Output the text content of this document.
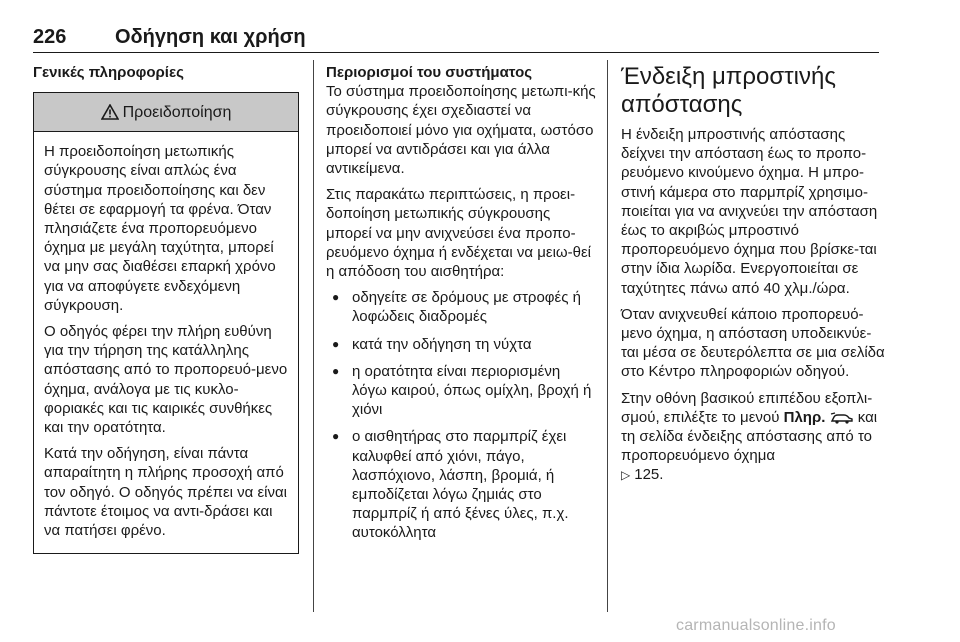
226 Οδήγηση και χρήση
Γενικές πληροφορίες
Προειδοποίηση

Η προειδοποίηση μετωπικής σύγκρουσης είναι απλώς ένα σύστημα προειδοποίησης και δεν θέτει σε εφαρμογή τα φρένα. Όταν πλησιάζετε ένα προπορευόμενο όχημα με μεγάλη ταχύτητα, μπορεί να μην σας διαθέσει επαρκή χρόνο για να αποφύγετε ενδεχόμενη σύγκρουση.

Ο οδηγός φέρει την πλήρη ευθύνη για την τήρηση της κατάλληλης απόστασης από το προπορευό-μενο όχημα, ανάλογα με τις κυκλο-φοριακές και τις καιρικές συνθήκες και την ορατότητα.

Κατά την οδήγηση, είναι πάντα απαραίτητη η πλήρης προσοχή από τον οδηγό. Ο οδηγός πρέπει να είναι πάντοτε έτοιμος να αντι-δράσει και να πατήσει φρένο.

Περιορισμοί του συστήματος

Το σύστημα προειδοποίησης μετωπι-κής σύγκρουσης έχει σχεδιαστεί να προειδοποιεί μόνο για οχήματα, ωστόσο μπορεί να αντιδράσει και για άλλα αντικείμενα.

Στις παρακάτω περιπτώσεις, η προει-δοποίηση μετωπικής σύγκρουσης μπορεί να μην ανιχνεύσει ένα προπο-ρευόμενο όχημα ή ενδέχεται να μειω-θεί η απόδοση του αισθητήρα:

● οδηγείτε σε δρόμους με στροφές ή λοφώδεις διαδρομές
● κατά την οδήγηση τη νύχτα
● η ορατότητα είναι περιορισμένη λόγω καιρού, όπως ομίχλη, βροχή ή χιόνι
● ο αισθητήρας στο παρμπρίζ έχει καλυφθεί από χιόνι, πάγο, λασπόχιονο, λάσπη, βρομιά, ή εμποδίζεται λόγω ζημιάς στο παρμπρίζ ή από ξένες ύλες, π.χ. αυτοκόλλητα
Ένδειξη μπροστινής απόστασης

Η ένδειξη μπροστινής απόστασης δείχνει την απόσταση έως το προπο-ρευόμενο κινούμενο όχημα. Η μπρο-στινή κάμερα στο παρμπρίζ χρησιμο-ποιείται για να ανιχνεύει την απόσταση έως το ακριβώς μπροστινό προπορευόμενο όχημα που βρίσκε-ται στην ίδια λωρίδα. Ενεργοποιείται σε ταχύτητες πάνω από 40 χλμ./ώρα.

Όταν ανιχνευθεί κάποιο προπορευό-μενο όχημα, η απόσταση υποδεικνύε-ται μέσα σε δευτερόλεπτα σε μια σελίδα στο Κέντρο πληροφοριών οδηγού.

Στην οθόνη βασικού επιπέδου εξοπλι-σμού, επιλέξτε το μενού Πληρ. και τη σελίδα ένδειξης απόστασης από το προπορευόμενο όχημα
▷ 125.

carmanualsonline.info
